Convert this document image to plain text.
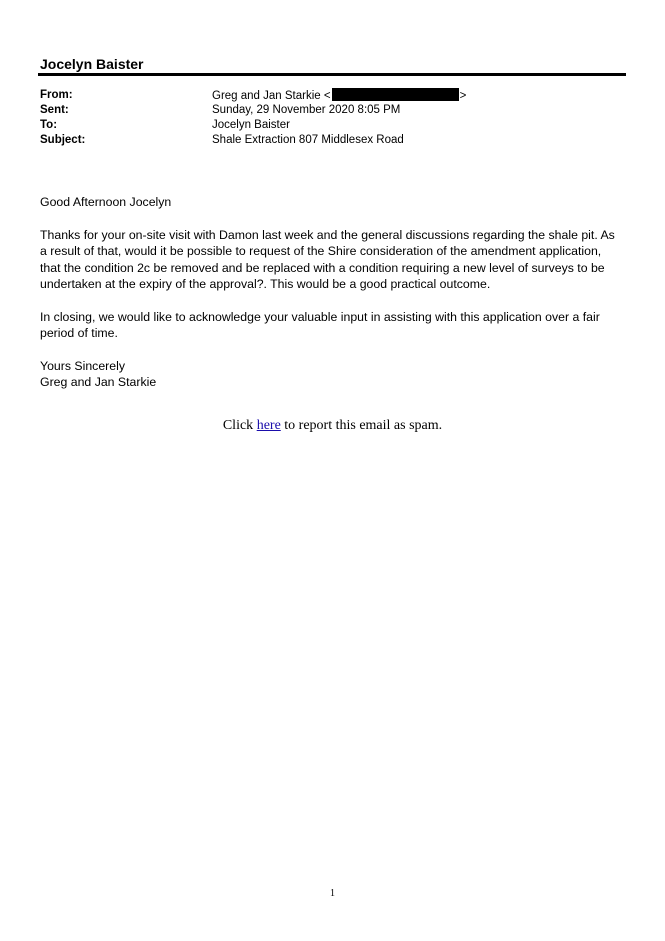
Jocelyn Baister
From:	Greg and Jan Starkie <	>
Sent:	Sunday, 29 November 2020 8:05 PM
To:	Jocelyn Baister
Subject:	Shale Extraction 807 Middlesex Road

Good Afternoon Jocelyn

Thanks for your on-site visit with Damon last week and the general discussions regarding the shale pit. As a result of that, would it be possible to request of the Shire consideration of the amendment application, that the condition 2c be removed and be replaced with a condition requiring a new level of surveys to be undertaken at the expiry of the approval?. This would be a good practical outcome.

In closing, we would like to acknowledge your valuable input in assisting with this application over a fair period of time.

Yours Sincerely

Greg and Jan Starkie

Click here to report this email as spam.
1
